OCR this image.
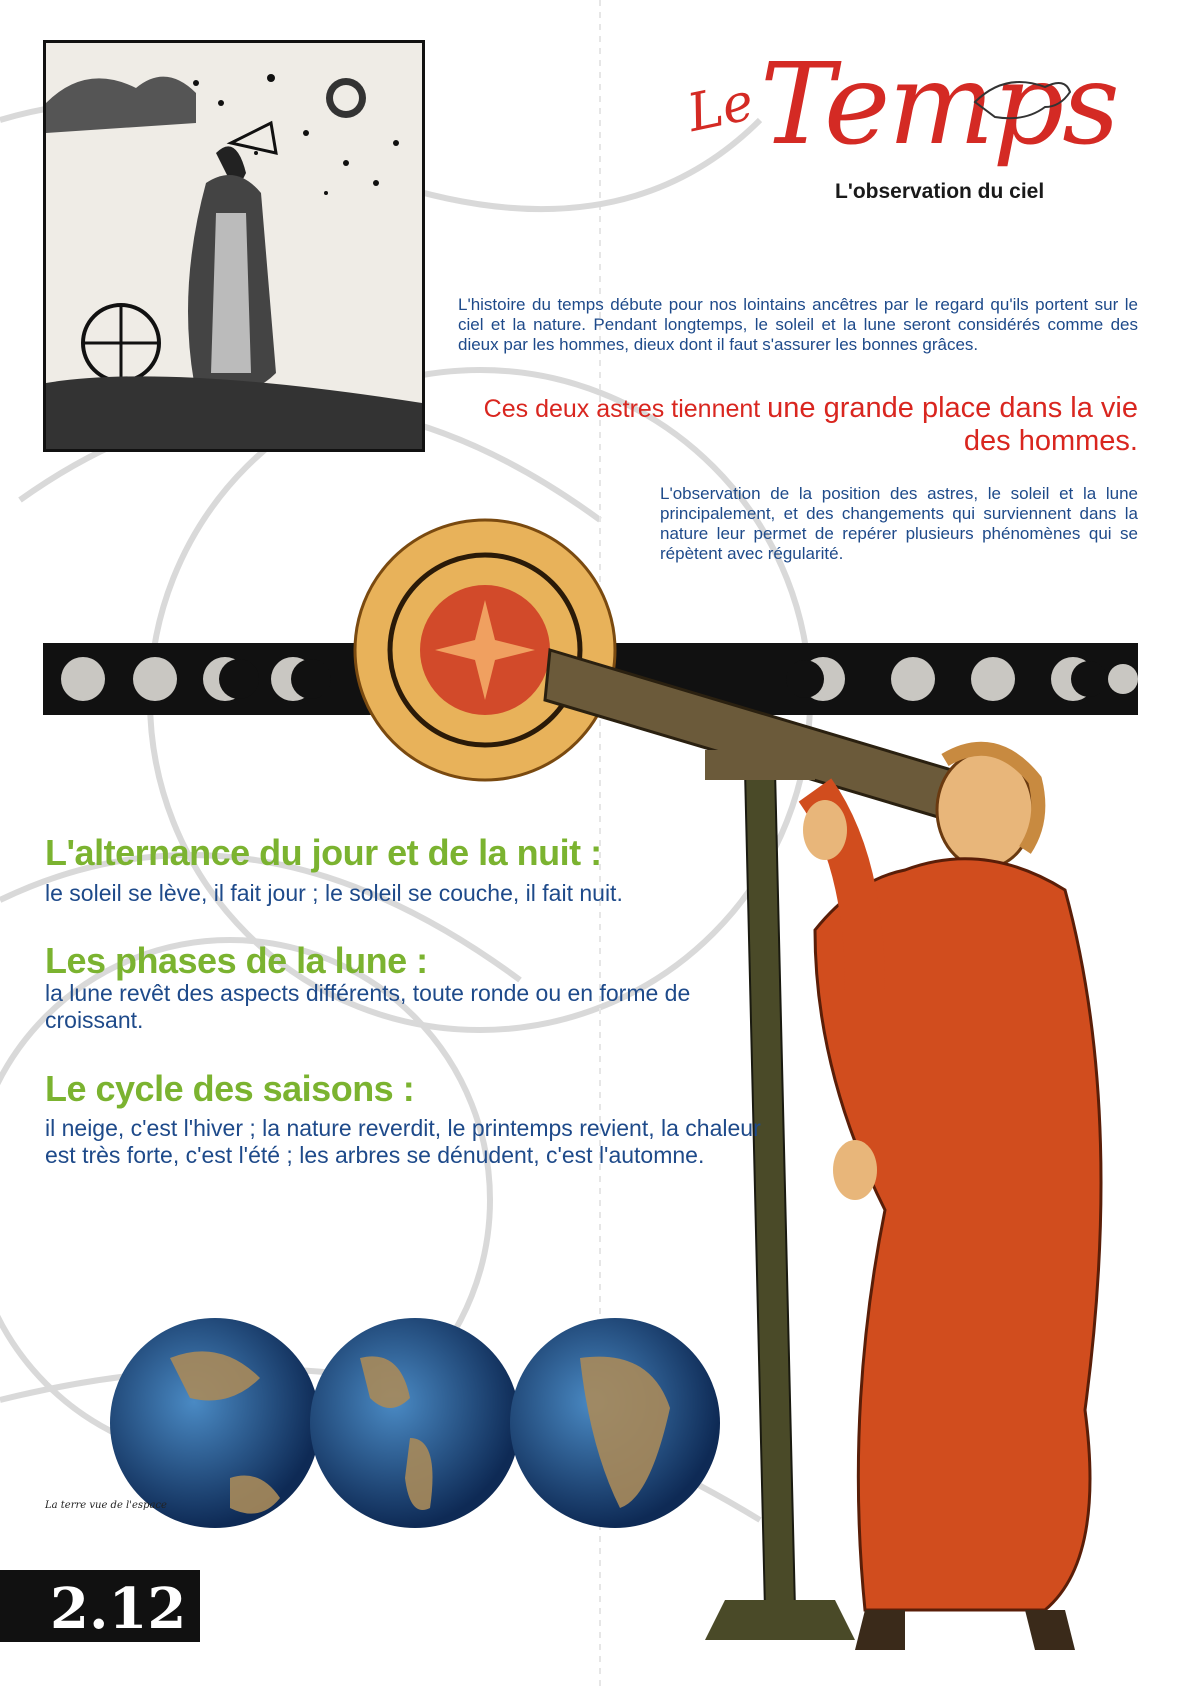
Le Temps
L'observation du ciel
L'histoire du temps débute pour nos lointains ancêtres par le regard qu'ils portent sur le ciel et la nature. Pendant longtemps, le soleil et la lune seront considérés comme des dieux par les hommes, dieux dont il faut s'assurer les bonnes grâces.
Ces deux astres tiennent une grande place dans la vie des hommes.
L'observation de la position des astres, le soleil et la lune principalement, et des changements qui surviennent dans la nature leur permet de repérer plusieurs phénomènes qui se répètent avec régularité.
L'alternance du jour et de la nuit :
le soleil se lève, il fait jour ; le soleil se couche, il fait nuit.
Les phases de la lune :
la lune revêt des aspects différents, toute ronde ou en forme de croissant.
Le cycle des saisons :
il neige, c'est l'hiver ; la nature reverdit, le printemps revient, la chaleur est très forte, c'est l'été ; les arbres se dénudent, c'est l'automne.
La terre vue de l'espace
2.12
